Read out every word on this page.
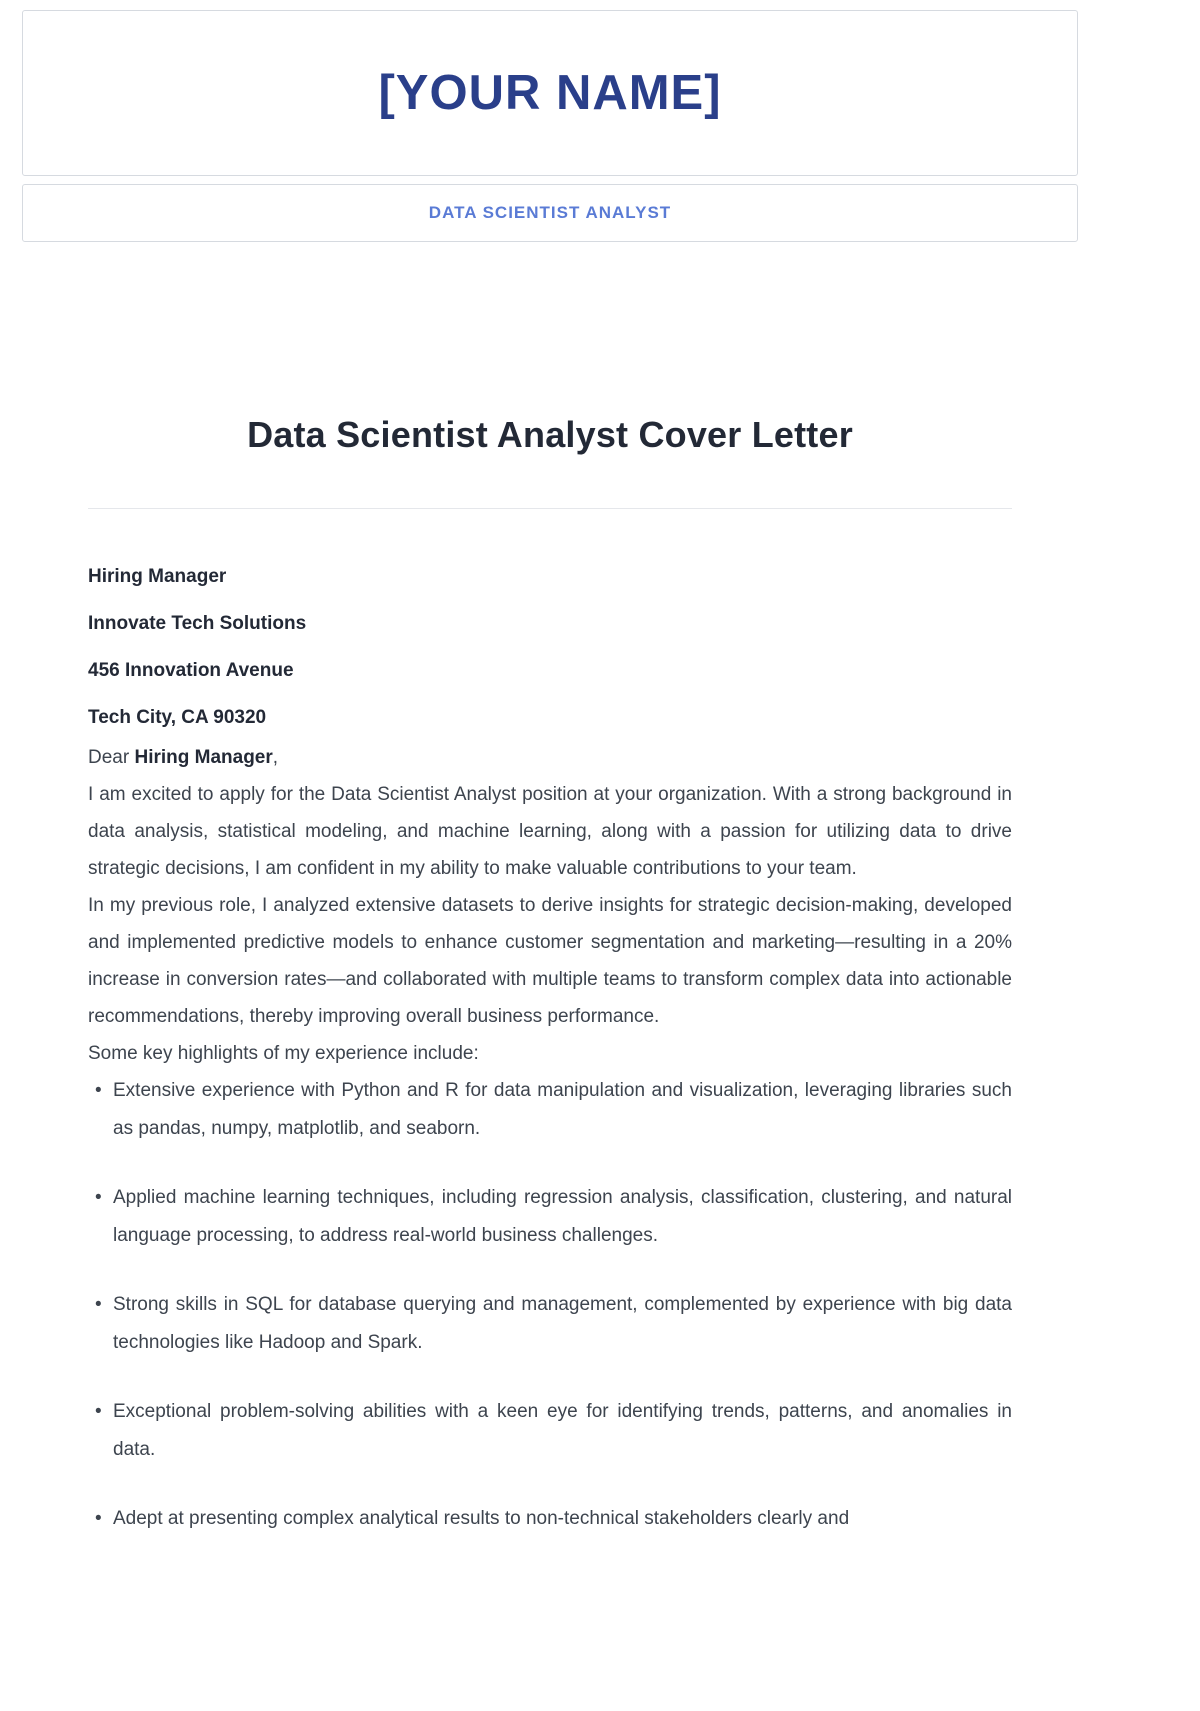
[YOUR NAME]
DATA SCIENTIST ANALYST
Data Scientist Analyst Cover Letter

Hiring Manager

Innovate Tech Solutions

456 Innovation Avenue

Tech City, CA 90320

Dear Hiring Manager,

I am excited to apply for the Data Scientist Analyst position at your organization. With a strong background in data analysis, statistical modeling, and machine learning, along with a passion for utilizing data to drive strategic decisions, I am confident in my ability to make valuable contributions to your team.

In my previous role, I analyzed extensive datasets to derive insights for strategic decision-making, developed and implemented predictive models to enhance customer segmentation and marketing—resulting in a 20% increase in conversion rates—and collaborated with multiple teams to transform complex data into actionable recommendations, thereby improving overall business performance.

Some key highlights of my experience include:

• Extensive experience with Python and R for data manipulation and visualization, leveraging libraries such as pandas, numpy, matplotlib, and seaborn.
• Applied machine learning techniques, including regression analysis, classification, clustering, and natural language processing, to address real-world business challenges.
• Strong skills in SQL for database querying and management, complemented by experience with big data technologies like Hadoop and Spark.
• Exceptional problem-solving abilities with a keen eye for identifying trends, patterns, and anomalies in data.
• Adept at presenting complex analytical results to non-technical stakeholders clearly and
